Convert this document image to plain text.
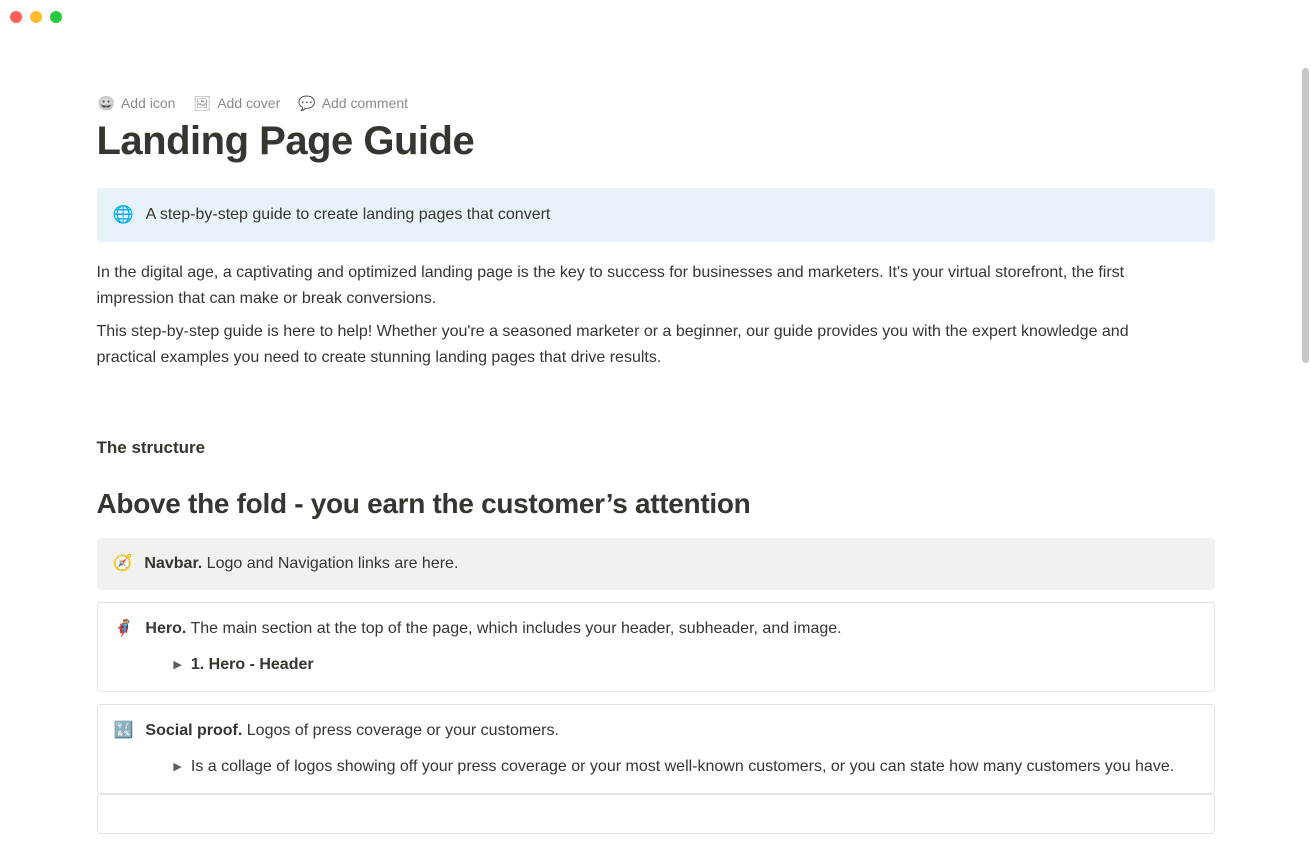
😀 Add icon 🖼 Add cover 💬 Add comment
Landing Page Guide
🌐 A step-by-step guide to create landing pages that convert

In the digital age, a captivating and optimized landing page is the key to success for businesses and marketers. It's your virtual storefront, the first impression that can make or break conversions.

This step-by-step guide is here to help! Whether you're a seasoned marketer or a beginner, our guide provides you with the expert knowledge and practical examples you need to create stunning landing pages that drive results.

The structure
Above the fold - you earn the customer’s attention
🧭 Navbar. Logo and Navigation links are here.
🦸 Hero. The main section at the top of the page, which includes your header, subheader, and image.
▶ 1. Hero - Header
🔣 Social proof. Logos of press coverage or your customers.
▶ Is a collage of logos showing off your press coverage or your most well-known customers, or you can state how many customers you have.
